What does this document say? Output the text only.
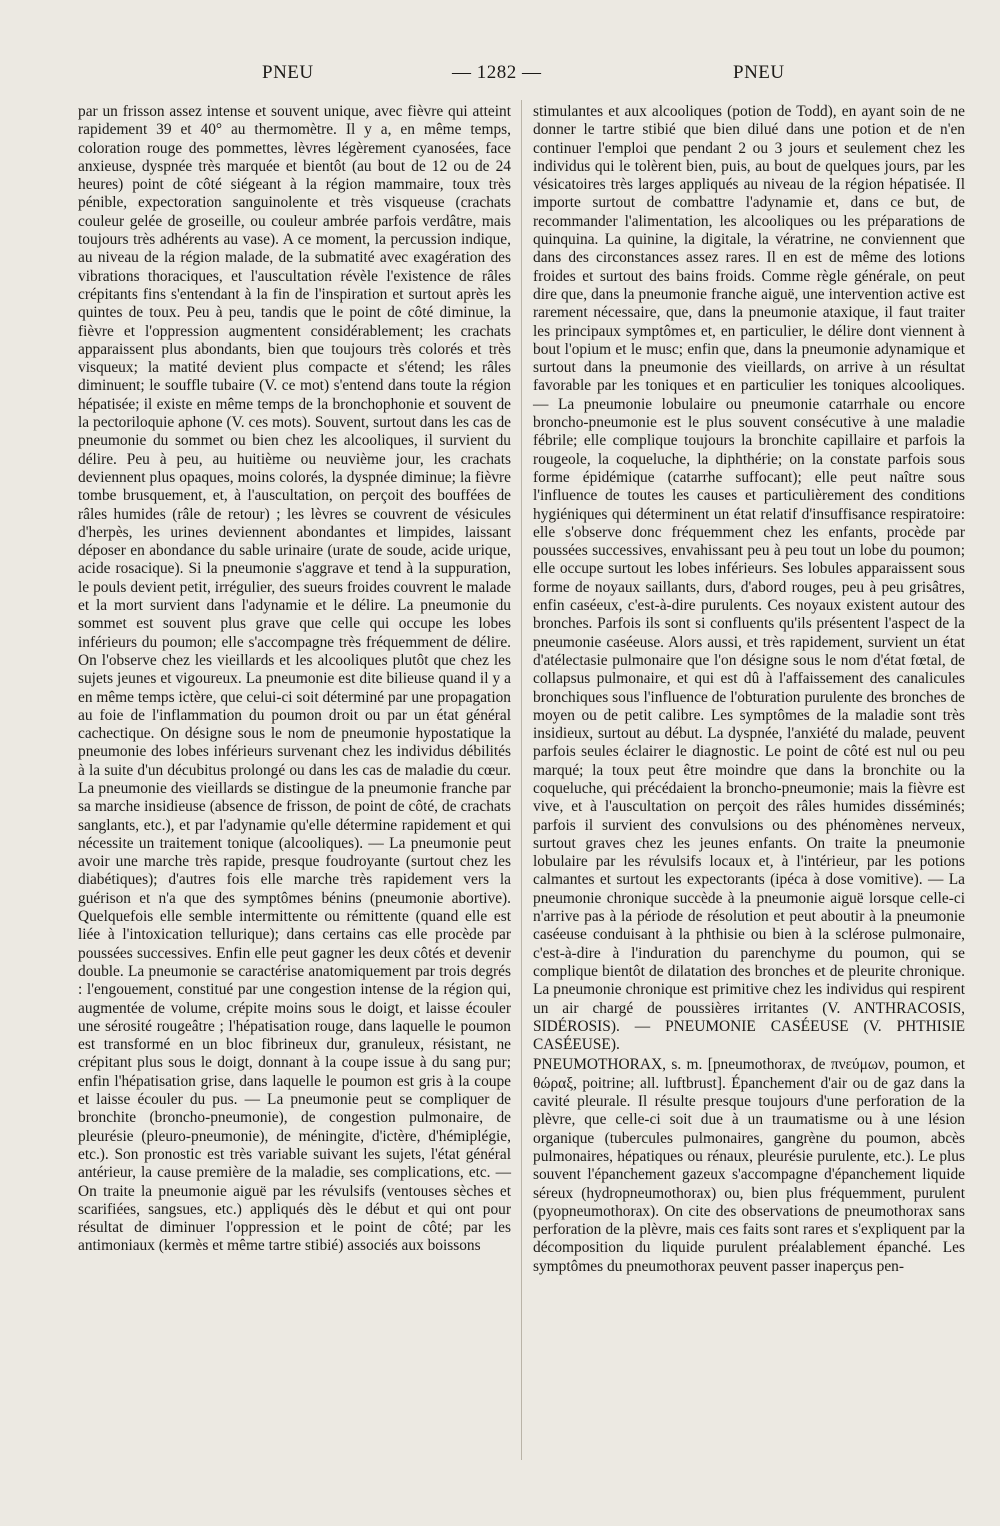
PNEU	— 1282 —	PNEU

par un frisson assez intense et souvent unique, avec fièvre qui atteint rapidement 39 et 40° au thermomètre. Il y a, en même temps, coloration rouge des pommettes, lèvres légèrement cyanosées, face anxieuse, dyspnée très marquée et bientôt (au bout de 12 ou de 24 heures) point de côté siégeant à la région mammaire, toux très pénible, expectoration sanguinolente et très visqueuse (crachats couleur gelée de groseille, ou couleur ambrée parfois verdâtre, mais toujours très adhérents au vase). A ce moment, la percussion indique, au niveau de la région malade, de la submatité avec exagération des vibrations thoraciques, et l'auscultation révèle l'existence de râles crépitants fins s'entendant à la fin de l'inspiration et surtout après les quintes de toux. Peu à peu, tandis que le point de côté diminue, la fièvre et l'oppression augmentent considérablement; les crachats apparaissent plus abondants, bien que toujours très colorés et très visqueux; la matité devient plus compacte et s'étend; les râles diminuent; le souffle tubaire (V. ce mot) s'entend dans toute la région hépatisée; il existe en même temps de la bronchophonie et souvent de la pectoriloquie aphone (V. ces mots). Souvent, surtout dans les cas de pneumonie du sommet ou bien chez les alcooliques, il survient du délire. Peu à peu, au huitième ou neuvième jour, les crachats deviennent plus opaques, moins colorés, la dyspnée diminue; la fièvre tombe brusquement, et, à l'auscultation, on perçoit des bouffées de râles humides (râle de retour) ; les lèvres se couvrent de vésicules d'herpès, les urines deviennent abondantes et limpides, laissant déposer en abondance du sable urinaire (urate de soude, acide urique, acide rosacique). Si la pneumonie s'aggrave et tend à la suppuration, le pouls devient petit, irrégulier, des sueurs froides couvrent le malade et la mort survient dans l'adynamie et le délire. La pneumonie du sommet est souvent plus grave que celle qui occupe les lobes inférieurs du poumon; elle s'accompagne très fréquemment de délire. On l'observe chez les vieillards et les alcooliques plutôt que chez les sujets jeunes et vigoureux. La pneumonie est dite bilieuse quand il y a en même temps ictère, que celui-ci soit déterminé par une propagation au foie de l'inflammation du poumon droit ou par un état général cachectique. On désigne sous le nom de pneumonie hypostatique la pneumonie des lobes inférieurs survenant chez les individus débilités à la suite d'un décubitus prolongé ou dans les cas de maladie du cœur. La pneumonie des vieillards se distingue de la pneumonie franche par sa marche insidieuse (absence de frisson, de point de côté, de crachats sanglants, etc.), et par l'adynamie qu'elle détermine rapidement et qui nécessite un traitement tonique (alcooliques). — La pneumonie peut avoir une marche très rapide, presque foudroyante (surtout chez les diabétiques); d'autres fois elle marche très rapidement vers la guérison et n'a que des symptômes bénins (pneumonie abortive). Quelquefois elle semble intermittente ou rémittente (quand elle est liée à l'intoxication tellurique); dans certains cas elle procède par poussées successives. Enfin elle peut gagner les deux côtés et devenir double. La pneumonie se caractérise anatomiquement par trois degrés : l'engouement, constitué par une congestion intense de la région qui, augmentée de volume, crépite moins sous le doigt, et laisse écouler une sérosité rougeâtre ; l'hépatisation rouge, dans laquelle le poumon est transformé en un bloc fibrineux dur, granuleux, résistant, ne crépitant plus sous le doigt, donnant à la coupe issue à du sang pur; enfin l'hépatisation grise, dans laquelle le poumon est gris à la coupe et laisse écouler du pus. — La pneumonie peut se compliquer de bronchite (broncho-pneumonie), de congestion pulmonaire, de pleurésie (pleuro-pneumonie), de méningite, d'ictère, d'hémiplégie, etc.). Son pronostic est très variable suivant les sujets, l'état général antérieur, la cause première de la maladie, ses complications, etc. — On traite la pneumonie aiguë par les révulsifs (ventouses sèches et scarifiées, sangsues, etc.) appliqués dès le début et qui ont pour résultat de diminuer l'oppression et le point de côté; par les antimoniaux (kermès et même tartre stibié) associés aux boissons

stimulantes et aux alcooliques (potion de Todd), en ayant soin de ne donner le tartre stibié que bien dilué dans une potion et de n'en continuer l'emploi que pendant 2 ou 3 jours et seulement chez les individus qui le tolèrent bien, puis, au bout de quelques jours, par les vésicatoires très larges appliqués au niveau de la région hépatisée. Il importe surtout de combattre l'adynamie et, dans ce but, de recommander l'alimentation, les alcooliques ou les préparations de quinquina. La quinine, la digitale, la vératrine, ne conviennent que dans des circonstances assez rares. Il en est de même des lotions froides et surtout des bains froids. Comme règle générale, on peut dire que, dans la pneumonie franche aiguë, une intervention active est rarement nécessaire, que, dans la pneumonie ataxique, il faut traiter les principaux symptômes et, en particulier, le délire dont viennent à bout l'opium et le musc; enfin que, dans la pneumonie adynamique et surtout dans la pneumonie des vieillards, on arrive à un résultat favorable par les toniques et en particulier les toniques alcooliques. — La pneumonie lobulaire ou pneumonie catarrhale ou encore broncho-pneumonie est le plus souvent consécutive à une maladie fébrile; elle complique toujours la bronchite capillaire et parfois la rougeole, la coqueluche, la diphthérie; on la constate parfois sous forme épidémique (catarrhe suffocant); elle peut naître sous l'influence de toutes les causes et particulièrement des conditions hygiéniques qui déterminent un état relatif d'insuffisance respiratoire: elle s'observe donc fréquemment chez les enfants, procède par poussées successives, envahissant peu à peu tout un lobe du poumon; elle occupe surtout les lobes inférieurs. Ses lobules apparaissent sous forme de noyaux saillants, durs, d'abord rouges, peu à peu grisâtres, enfin caséeux, c'est-à-dire purulents. Ces noyaux existent autour des bronches. Parfois ils sont si confluents qu'ils présentent l'aspect de la pneumonie caséeuse. Alors aussi, et très rapidement, survient un état d'atélectasie pulmonaire que l'on désigne sous le nom d'état fœtal, de collapsus pulmonaire, et qui est dû à l'affaissement des canalicules bronchiques sous l'influence de l'obturation purulente des bronches de moyen ou de petit calibre. Les symptômes de la maladie sont très insidieux, surtout au début. La dyspnée, l'anxiété du malade, peuvent parfois seules éclairer le diagnostic. Le point de côté est nul ou peu marqué; la toux peut être moindre que dans la bronchite ou la coqueluche, qui précédaient la broncho-pneumonie; mais la fièvre est vive, et à l'auscultation on perçoit des râles humides disséminés; parfois il survient des convulsions ou des phénomènes nerveux, surtout graves chez les jeunes enfants. On traite la pneumonie lobulaire par les révulsifs locaux et, à l'intérieur, par les potions calmantes et surtout les expectorants (ipéca à dose vomitive). — La pneumonie chronique succède à la pneumonie aiguë lorsque celle-ci n'arrive pas à la période de résolution et peut aboutir à la pneumonie caséeuse conduisant à la phthisie ou bien à la sclérose pulmonaire, c'est-à-dire à l'induration du parenchyme du poumon, qui se complique bientôt de dilatation des bronches et de pleurite chronique. La pneumonie chronique est primitive chez les individus qui respirent un air chargé de poussières irritantes (V. ANTHRACOSIS, SIDÉROSIS). — PNEUMONIE CASÉEUSE (V. PHTHISIE CASÉEUSE).

PNEUMOTHORAX, s. m. [pneumothorax, de πνεύμων, poumon, et θώραξ, poitrine; all. luftbrust]. Épanchement d'air ou de gaz dans la cavité pleurale. Il résulte presque toujours d'une perforation de la plèvre, que celle-ci soit due à un traumatisme ou à une lésion organique (tubercules pulmonaires, gangrène du poumon, abcès pulmonaires, hépatiques ou rénaux, pleurésie purulente, etc.). Le plus souvent l'épanchement gazeux s'accompagne d'épanchement liquide séreux (hydropneumothorax) ou, bien plus fréquemment, purulent (pyopneumothorax). On cite des observations de pneumothorax sans perforation de la plèvre, mais ces faits sont rares et s'expliquent par la décomposition du liquide purulent préalablement épanché. Les symptômes du pneumothorax peuvent passer inaperçus pen-
